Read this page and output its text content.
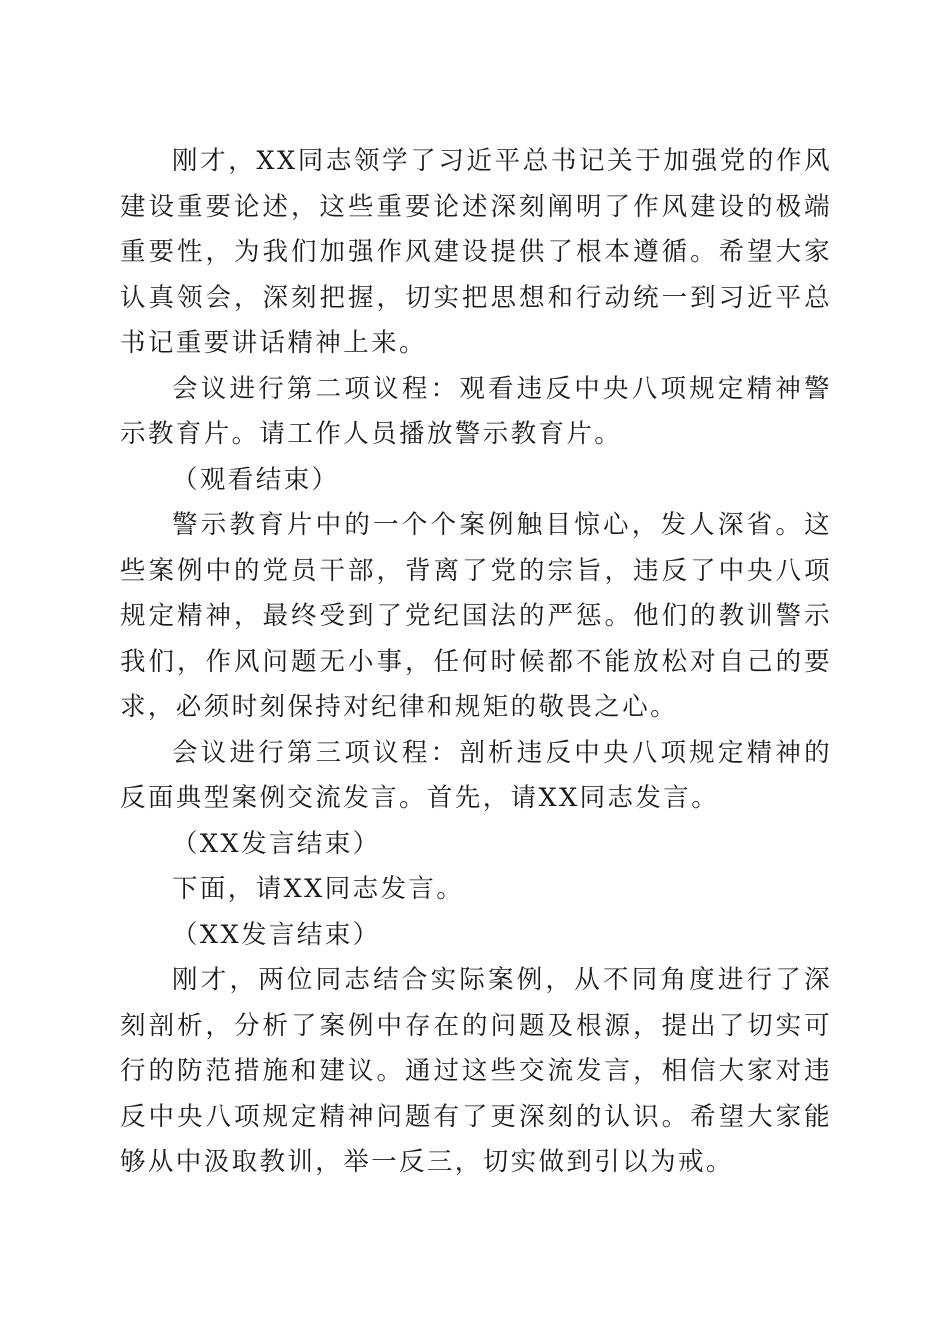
刚才，XX同志领学了习近平总书记关于加强党的作风建设重要论述，这些重要论述深刻阐明了作风建设的极端重要性，为我们加强作风建设提供了根本遵循。希望大家认真领会，深刻把握，切实把思想和行动统一到习近平总书记重要讲话精神上来。

会议进行第二项议程：观看违反中央八项规定精神警示教育片。请工作人员播放警示教育片。

（观看结束）

警示教育片中的一个个案例触目惊心，发人深省。这些案例中的党员干部，背离了党的宗旨，违反了中央八项规定精神，最终受到了党纪国法的严惩。他们的教训警示我们，作风问题无小事，任何时候都不能放松对自己的要求，必须时刻保持对纪律和规矩的敬畏之心。

会议进行第三项议程：剖析违反中央八项规定精神的反面典型案例交流发言。首先，请XX同志发言。

（XX发言结束）

下面，请XX同志发言。

（XX发言结束）

刚才，两位同志结合实际案例，从不同角度进行了深刻剖析，分析了案例中存在的问题及根源，提出了切实可行的防范措施和建议。通过这些交流发言，相信大家对违反中央八项规定精神问题有了更深刻的认识。希望大家能够从中汲取教训，举一反三，切实做到引以为戒。
